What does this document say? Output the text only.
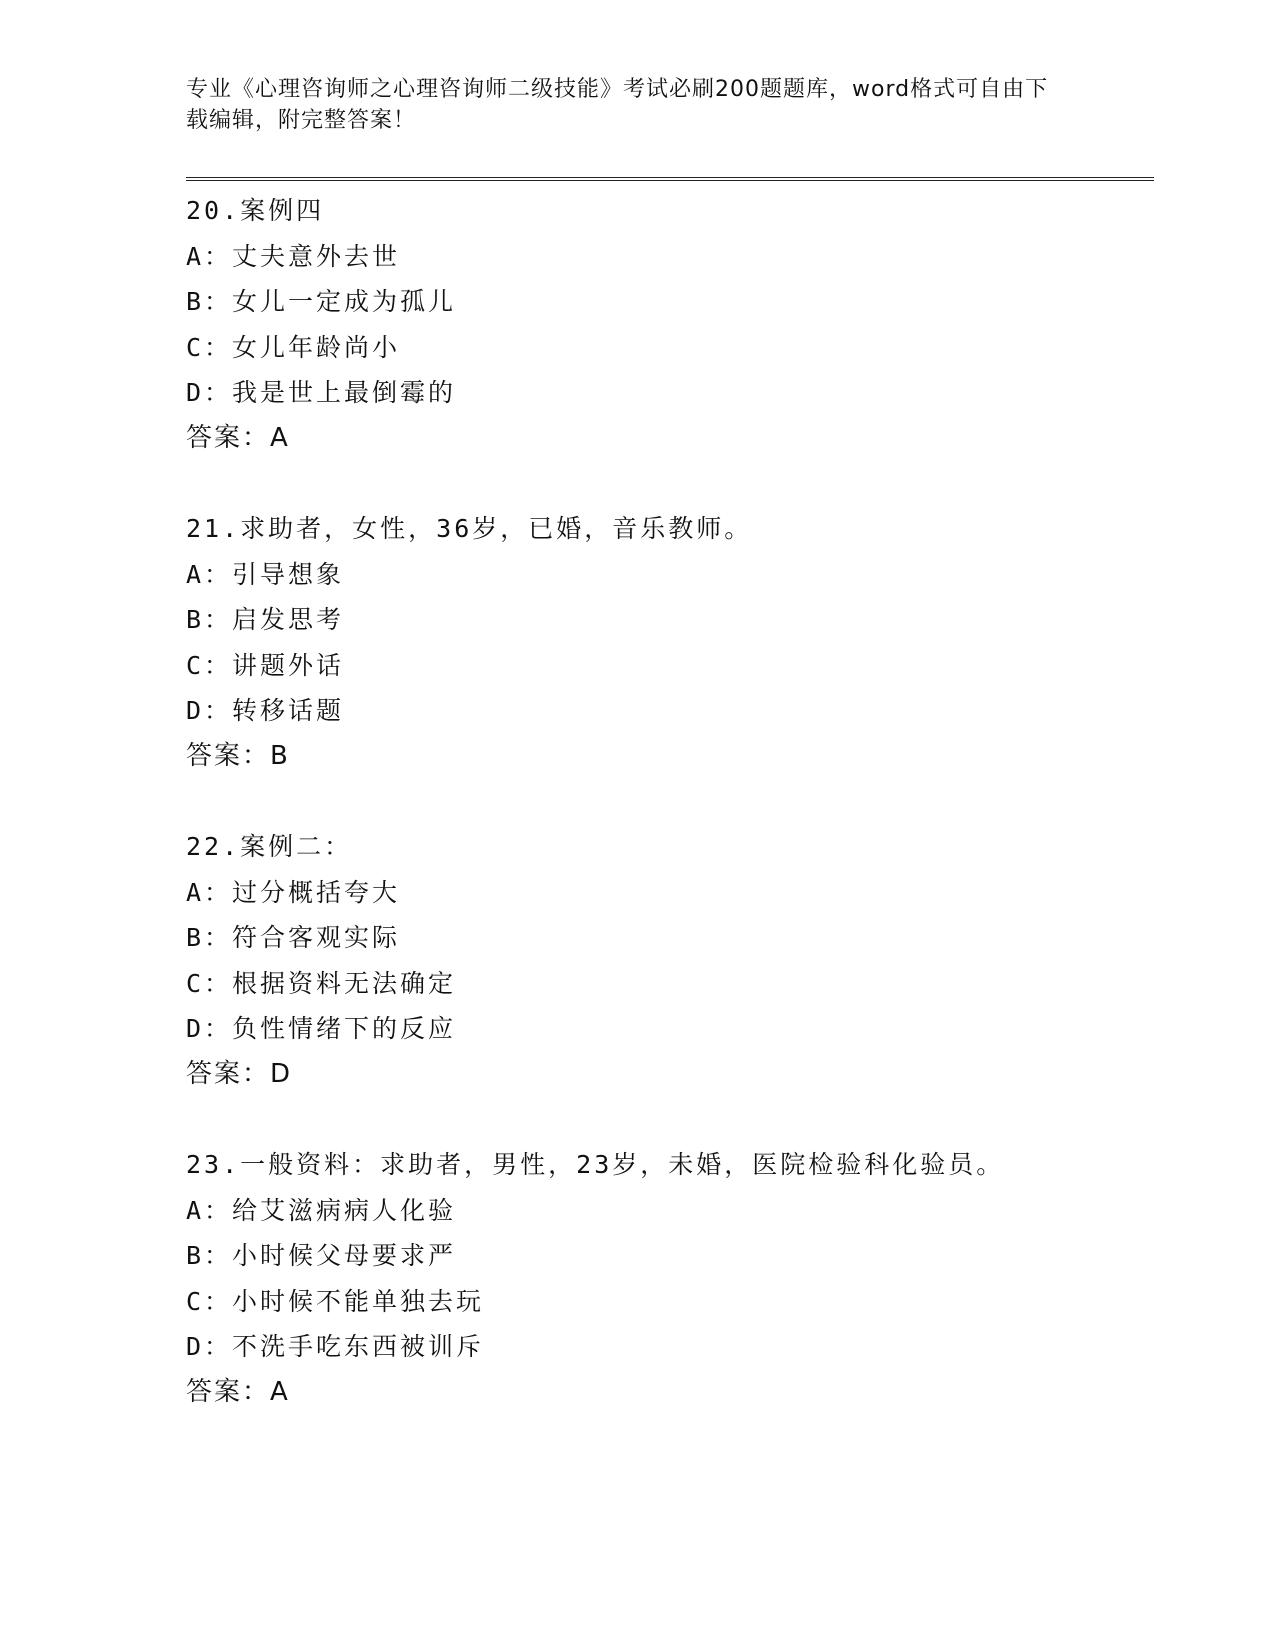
专业《心理咨询师之心理咨询师二级技能》考试必刷200题题库，word格式可自由下载编辑，附完整答案！
20.案例四
A：丈夫意外去世
B：女儿一定成为孤儿
C：女儿年龄尚小
D：我是世上最倒霉的
答案：A
21.求助者，女性，36岁，已婚，音乐教师。
A：引导想象
B：启发思考
C：讲题外话
D：转移话题
答案：B
22.案例二：
A：过分概括夸大
B：符合客观实际
C：根据资料无法确定
D：负性情绪下的反应
答案：D
23.一般资料：求助者，男性，23岁，未婚，医院检验科化验员。
A：给艾滋病病人化验
B：小时候父母要求严
C：小时候不能单独去玩
D：不洗手吃东西被训斥
答案：A
